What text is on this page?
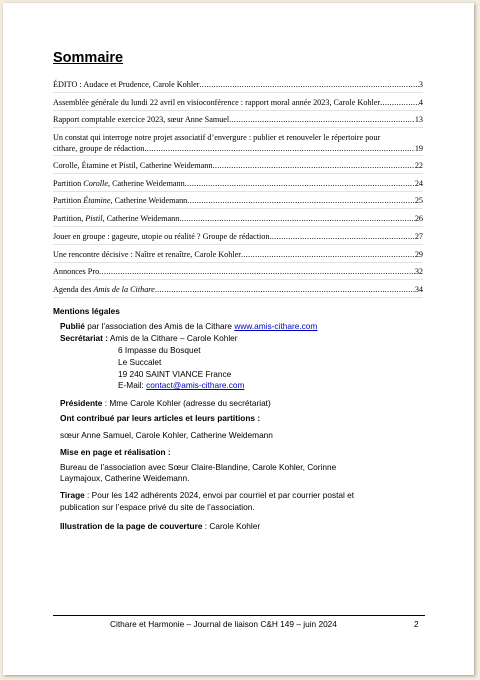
Sommaire
ÉDITO : Audace et Prudence, Carole Kohler .....	3
Assemblée générale du lundi 22 avril en visioconférence : rapport moral année 2023, Carole Kohler .....	4
Rapport comptable exercice 2023, sœur Anne Samuel .....	13
Un constat qui interroge notre projet associatif d’envergure : publier et renouveler le répertoire pour
cithare, groupe de rédaction .....	19
Corolle, Étamine et Pistil, Catherine Weidemann .....	22
Partition Corolle, Catherine Weidemann .....	24
Partition Étamine, Catherine Weidemann .....	25
Partition, Pistil, Catherine Weidemann .....	26
Jouer en groupe : gageure, utopie ou réalité ? Groupe de rédaction .....	27
Une rencontre décisive : Naître et renaître, Carole Kohler .....	29
Annonces Pro .....	32
Agenda des Amis de la Cithare .....	34
Mentions légales
Publié par l’association des Amis de la Cithare www.amis-cithare.com
Secrétariat : Amis de la Cithare – Carole Kohler
6 Impasse du Bosquet
Le Succalet
19 240 SAINT VIANCE France
E-Mail: contact@amis-cithare.com
Présidente : Mme Carole Kohler (adresse du secrétariat)
Ont contribué par leurs articles et leurs partitions :
sœur Anne Samuel, Carole Kohler, Catherine Weidemann
Mise en page et réalisation :
Bureau de l’association avec Sœur Claire-Blandine, Carole Kohler, Corinne
Laymajoux, Catherine Weidemann.
Tirage : Pour les 142 adhérents 2024, envoi par courriel et par courrier postal et
publication sur l’espace privé du site de l’association.
Illustration de la page de couverture : Carole Kohler
Cithare et Harmonie – Journal de liaison C&H 149 – juin 2024	2
